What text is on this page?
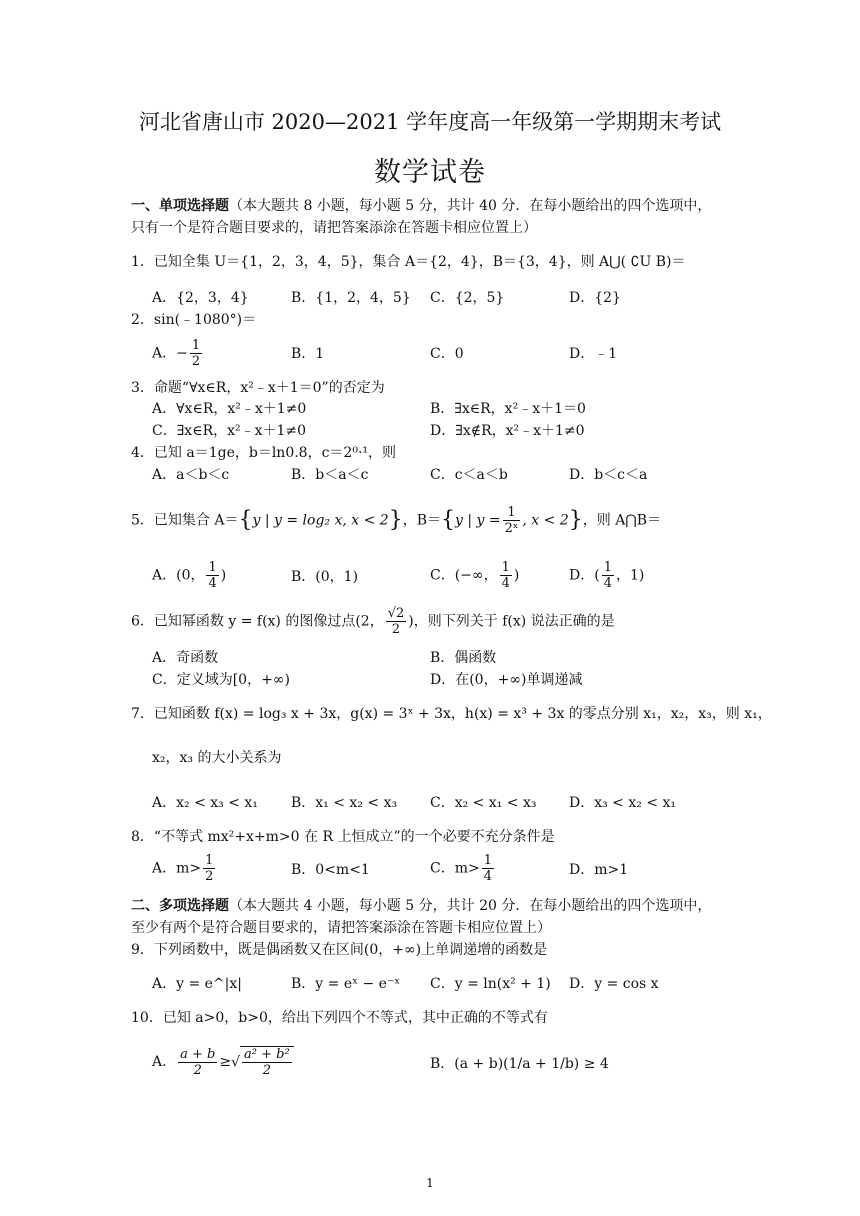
河北省唐山市 2020—2021 学年度高一年级第一学期期末考试
数学试卷
一、单项选择题（本大题共 8 小题，每小题 5 分，共计 40 分．在每小题给出的四个选项中，
只有一个是符合题目要求的，请把答案添涂在答题卡相应位置上）
1．已知全集 U＝{1，2，3，4，5}，集合 A＝{2，4}，B＝{3，4}，则 A⋃( ∁U B)＝
A．{2，3，4}	B．{1，2，4，5} C．{2，5}	D．{2}
2．sin(﹣1080°)＝
A．− $\frac{1}{2}$	B．1	C．0	D．﹣1
3．命题“∀x∈R，x²﹣x＋1＝0”的否定为
A．∀x∈R，x²﹣x＋1≠0	B．∃x∈R，x²﹣x＋1＝0
C．∃x∈R，x²﹣x＋1≠0	D．∃x∉R，x²﹣x＋1≠0
4．已知 a＝1ge，b＝ln0.8，c＝2⁰·¹，则
A．a＜b＜c	B．b＜a＜c	C．c＜a＜b	D．b＜c＜a
5．已知集合 A＝{y | y = log₂ x, x < 2}，B＝{y | $y = \frac{1}{\text{2ˣ}}$ , x < 2}，则 A⋂B＝
A．(0， $\frac{1}{4}$ )	B．(0，1)	C．(−∞， $\frac{1}{4}$ )	D．( $\frac{1}{4}$ ，1)
6．已知幂函数 y = f(x) 的图像过点(2， $\frac{√2}{2}$ )，则下列关于 f(x) 说法正确的是
A．奇函数	B．偶函数
C．定义域为[0，+∞)	D．在(0，+∞)单调递减
7．已知函数 f(x) = log₃ x + 3x，g(x) = 3ˣ + 3x，h(x) = x³ + 3x 的零点分别 x₁，x₂，x₃，则 x₁，
x₂，x₃ 的大小关系为
A．x₂ < x₃ < x₁ B．x₁ < x₂ < x₃ C．x₂ < x₁ < x₃ D．x₃ < x₂ < x₁
8．“不等式 mx²+x+m>0 在 R 上恒成立”的一个必要不充分条件是
A．$m> \frac{1}{2}$	B．0<m<1	C．$m> \frac{1}{4}$	D．m>1
二、多项选择题（本大题共 4 小题，每小题 5 分，共计 20 分．在每小题给出的四个选项中，
至少有两个是符合题目要求的，请把答案添涂在答题卡相应位置上）
9．下列函数中，既是偶函数又在区间(0，+∞)上单调递增的函数是
A．y = e^|x|	B．y = eˣ − e⁻ˣ C．y = ln(x² + 1) D．y = cos x
10．已知 a>0，b>0，给出下列四个不等式，其中正确的不等式有
A． $\frac{a + b}{2}$ ≥√ $\frac{\text{a² + b²}}{2}$	B．(a + b)(1/a + 1/b) ≥ 4
1
